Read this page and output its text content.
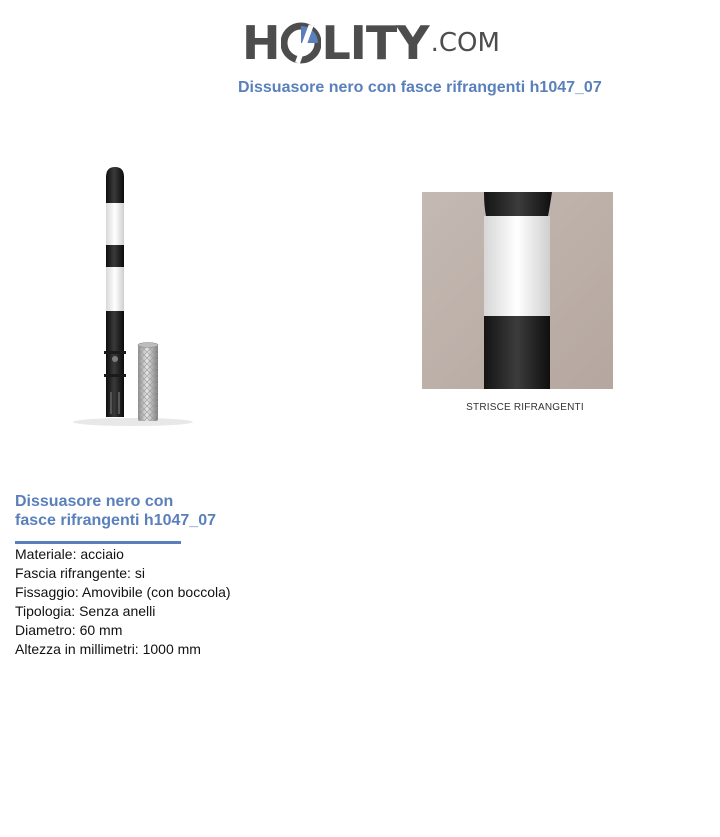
H LITY .COM
Dissuasore nero con fasce rifrangenti h1047_07
STRISCE RIFRANGENTI
Dissuasore nero con
fasce rifrangenti h1047_07
Materiale: acciaio
Fascia rifrangente: si
Fissaggio: Amovibile (con boccola)
Tipologia: Senza anelli
Diametro: 60 mm
Altezza in millimetri: 1000 mm
